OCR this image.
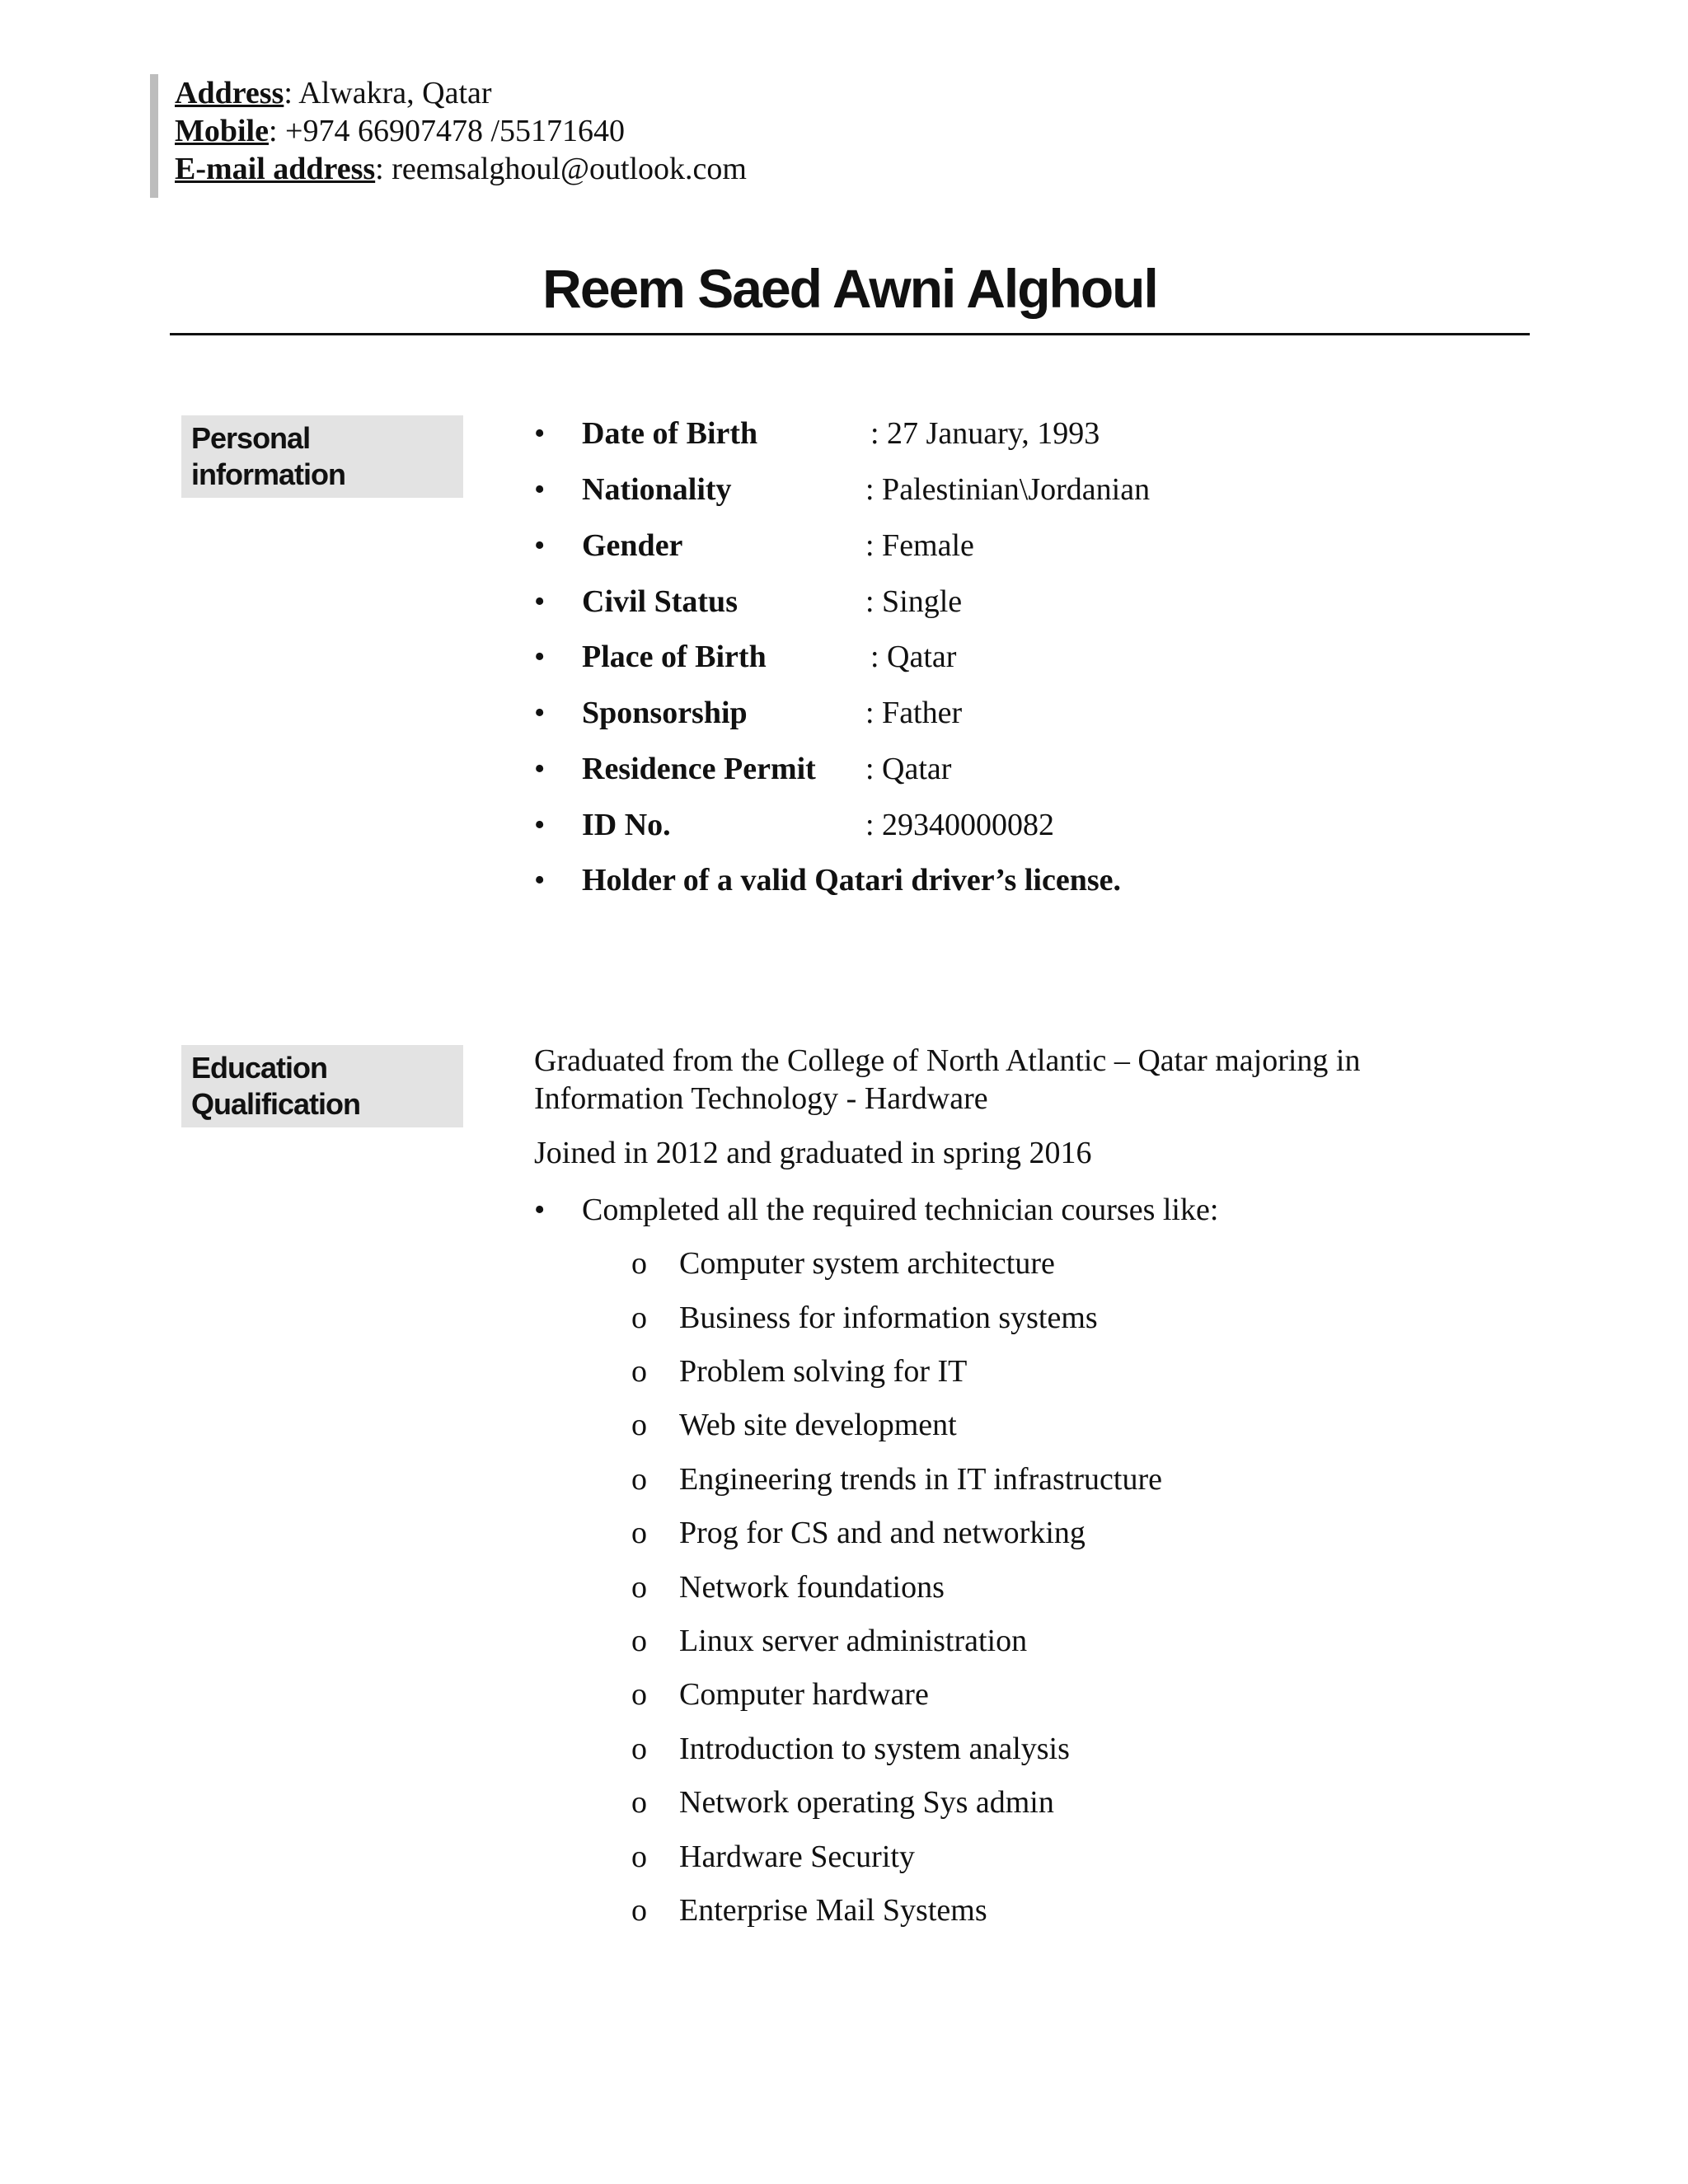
Address: Alwakra, Qatar
Mobile: +974 66907478 /55171640
E-mail address: reemsalghoul@outlook.com
Reem Saed Awni Alghoul
Personal
information
• Date of Birth	: 27 January, 1993
• Nationality	: Palestinian\Jordanian
• Gender	: Female
• Civil Status	: Single
• Place of Birth	: Qatar
• Sponsorship	: Father
• Residence Permit : Qatar
• ID No.	: 29340000082
• Holder of a valid Qatari driver’s license.
Education
Qualification
Graduated from the College of North Atlantic – Qatar majoring in
Information Technology - Hardware
Joined in 2012 and graduated in spring 2016
• Completed all the required technician courses like:
o Computer system architecture
o Business for information systems
o Problem solving for IT
o Web site development
o Engineering trends in IT infrastructure
o Prog for CS and and networking
o Network foundations
o Linux server administration
o Computer hardware
o Introduction to system analysis
o Network operating Sys admin
o Hardware Security
o Enterprise Mail Systems
